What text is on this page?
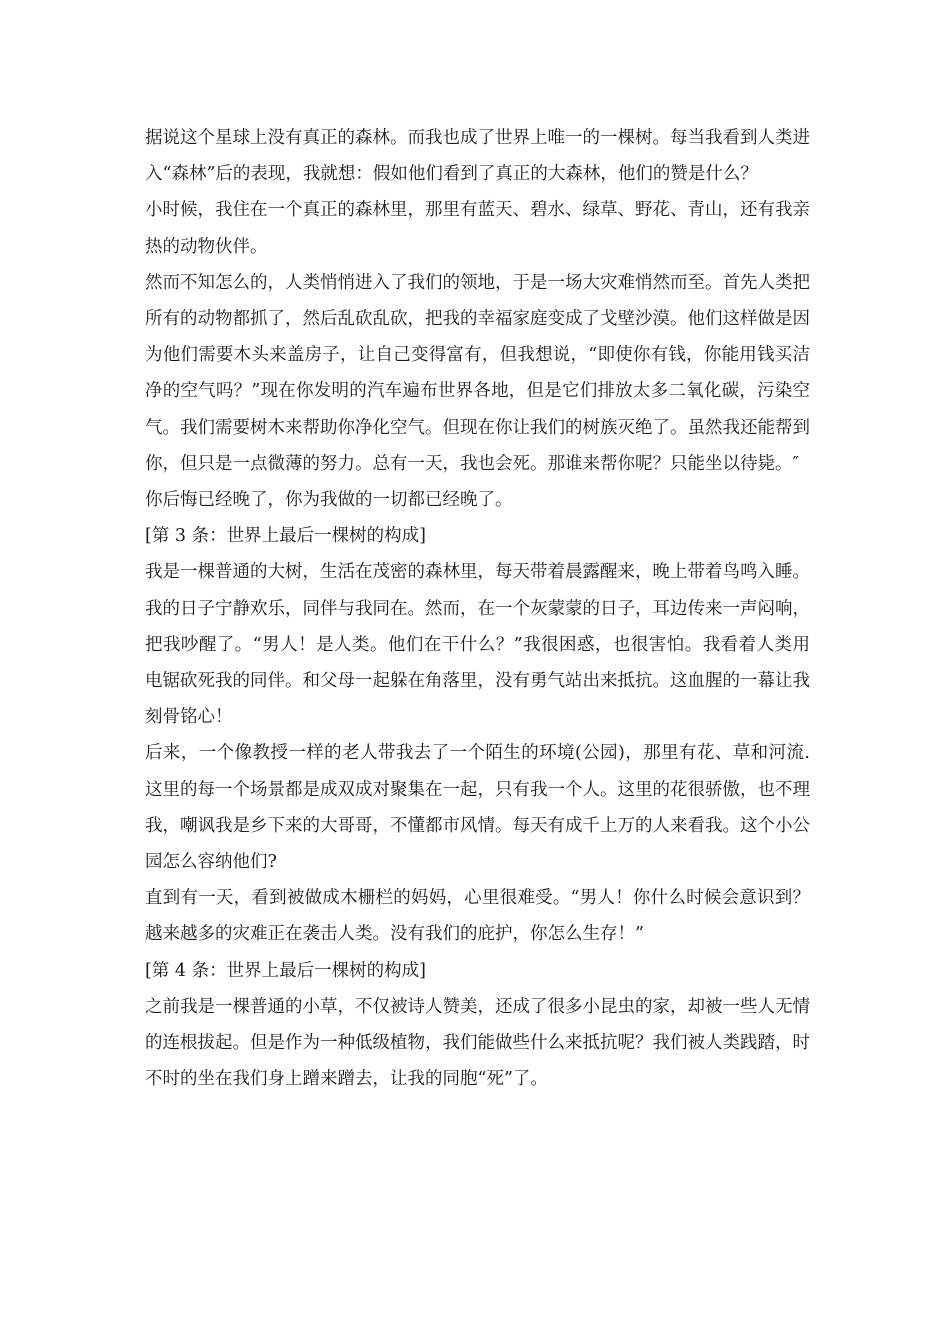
据说这个星球上没有真正的森林。而我也成了世界上唯一的一棵树。每当我看到人类进入“森林”后的表现，我就想：假如他们看到了真正的大森林，他们的赞是什么？

小时候，我住在一个真正的森林里，那里有蓝天、碧水、绿草、野花、青山，还有我亲热的动物伙伴。

然而不知怎么的，人类悄悄进入了我们的领地，于是一场大灾难悄然而至。首先人类把所有的动物都抓了，然后乱砍乱砍，把我的幸福家庭变成了戈壁沙漠。他们这样做是因为他们需要木头来盖房子，让自己变得富有，但我想说，“即使你有钱，你能用钱买洁净的空气吗？”现在你发明的汽车遍布世界各地，但是它们排放太多二氧化碳，污染空气。我们需要树木来帮助你净化空气。但现在你让我们的树族灭绝了。虽然我还能帮到你，但只是一点微薄的努力。总有一天，我也会死。那谁来帮你呢？只能坐以待毙。″

你后悔已经晚了，你为我做的一切都已经晚了。

[第 3 条：世界上最后一棵树的构成]

我是一棵普通的大树，生活在茂密的森林里，每天带着晨露醒来，晚上带着鸟鸣入睡。我的日子宁静欢乐，同伴与我同在。然而，在一个灰蒙蒙的日子，耳边传来一声闷响，把我吵醒了。“男人！是人类。他们在干什么？”我很困惑，也很害怕。我看着人类用电锯砍死我的同伴。和父母一起躲在角落里，没有勇气站出来抵抗。这血腥的一幕让我刻骨铭心！

后来，一个像教授一样的老人带我去了一个陌生的环境(公园)，那里有花、草和河流.这里的每一个场景都是成双成对聚集在一起，只有我一个人。这里的花很骄傲，也不理我，嘲讽我是乡下来的大哥哥，不懂都市风情。每天有成千上万的人来看我。这个小公园怎么容纳他们?

直到有一天，看到被做成木栅栏的妈妈，心里很难受。“男人！你什么时候会意识到？越来越多的灾难正在袭击人类。没有我们的庇护，你怎么生存！”

[第 4 条：世界上最后一棵树的构成]

之前我是一棵普通的小草，不仅被诗人赞美，还成了很多小昆虫的家，却被一些人无情的连根拔起。但是作为一种低级植物，我们能做些什么来抵抗呢？我们被人类践踏，时不时的坐在我们身上蹭来蹭去，让我的同胞“死”了。
